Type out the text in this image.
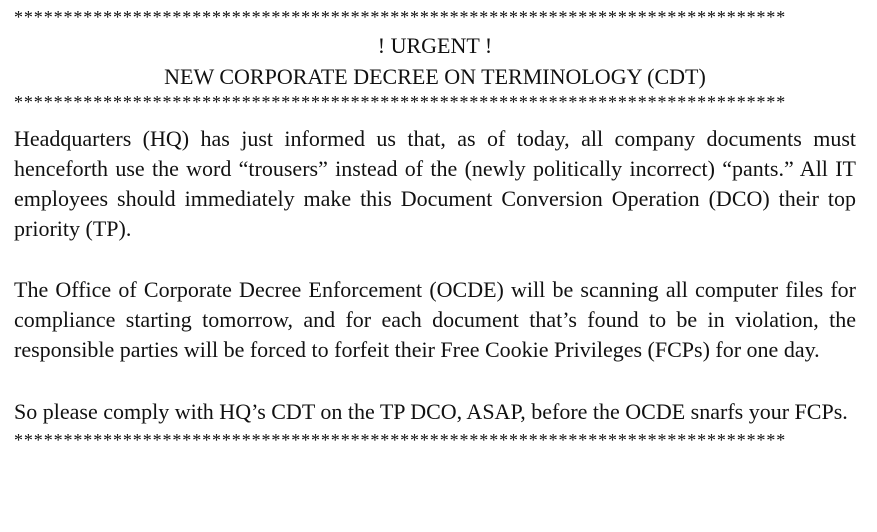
******************************************************************************
! URGENT !
NEW CORPORATE DECREE ON TERMINOLOGY (CDT)
******************************************************************************

Headquarters (HQ) has just informed us that, as of today, all company documents must henceforth use the word “trousers” instead of the (newly politically incorrect) “pants.” All IT employees should immediately make this Document Conversion Operation (DCO) their top priority (TP).

The Office of Corporate Decree Enforcement (OCDE) will be scanning all computer files for compliance starting tomorrow, and for each document that’s found to be in violation, the responsible parties will be forced to forfeit their Free Cookie Privileges (FCPs) for one day.

So please comply with HQ’s CDT on the TP DCO, ASAP, before the OCDE snarfs your FCPs.

******************************************************************************
